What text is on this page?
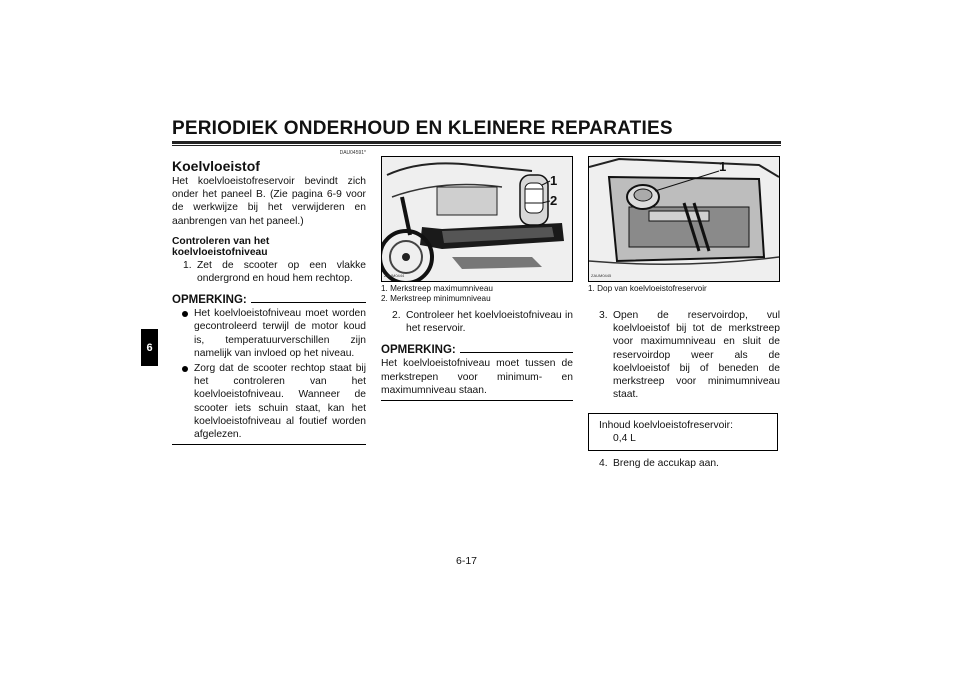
PERIODIEK ONDERHOUD EN KLEINERE REPARATIES
6
DAU04591*
Koelvloeistof
Het koelvloeistofreservoir bevindt zich onder het paneel B. (Zie pagina 6-9 voor de werkwijze bij het verwijderen en aanbrengen van het paneel.)
Controleren van het koelvloeistofniveau
1. Zet de scooter op een vlakke ondergrond en houd hem rechtop.
OPMERKING:
Het koelvloeistofniveau moet worden gecontroleerd terwijl de motor koud is, temperatuurverschillen zijn namelijk van invloed op het niveau.
Zorg dat de scooter rechtop staat bij het controleren van het koelvloeistofniveau. Wanneer de scooter iets schuin staat, kan het koelvloeistofniveau al foutief worden afgelezen.
ZAUM0444
1
2
1. Merkstreep maximumniveau
2. Merkstreep minimumniveau
2. Controleer het koelvloeistofniveau in het reservoir.
OPMERKING:
Het koelvloeistofniveau moet tussen de merkstrepen voor minimum- en maximumniveau staan.
ZAUM0445
1
1. Dop van koelvloeistofreservoir
3. Open de reservoirdop, vul koelvloeistof bij tot de merkstreep voor maximumniveau en sluit de reservoirdop weer als de koelvloeistof bij of beneden de merkstreep voor minimumniveau staat.
Inhoud koelvloeistofreservoir:
0,4 L
4. Breng de accukap aan.
6-17
